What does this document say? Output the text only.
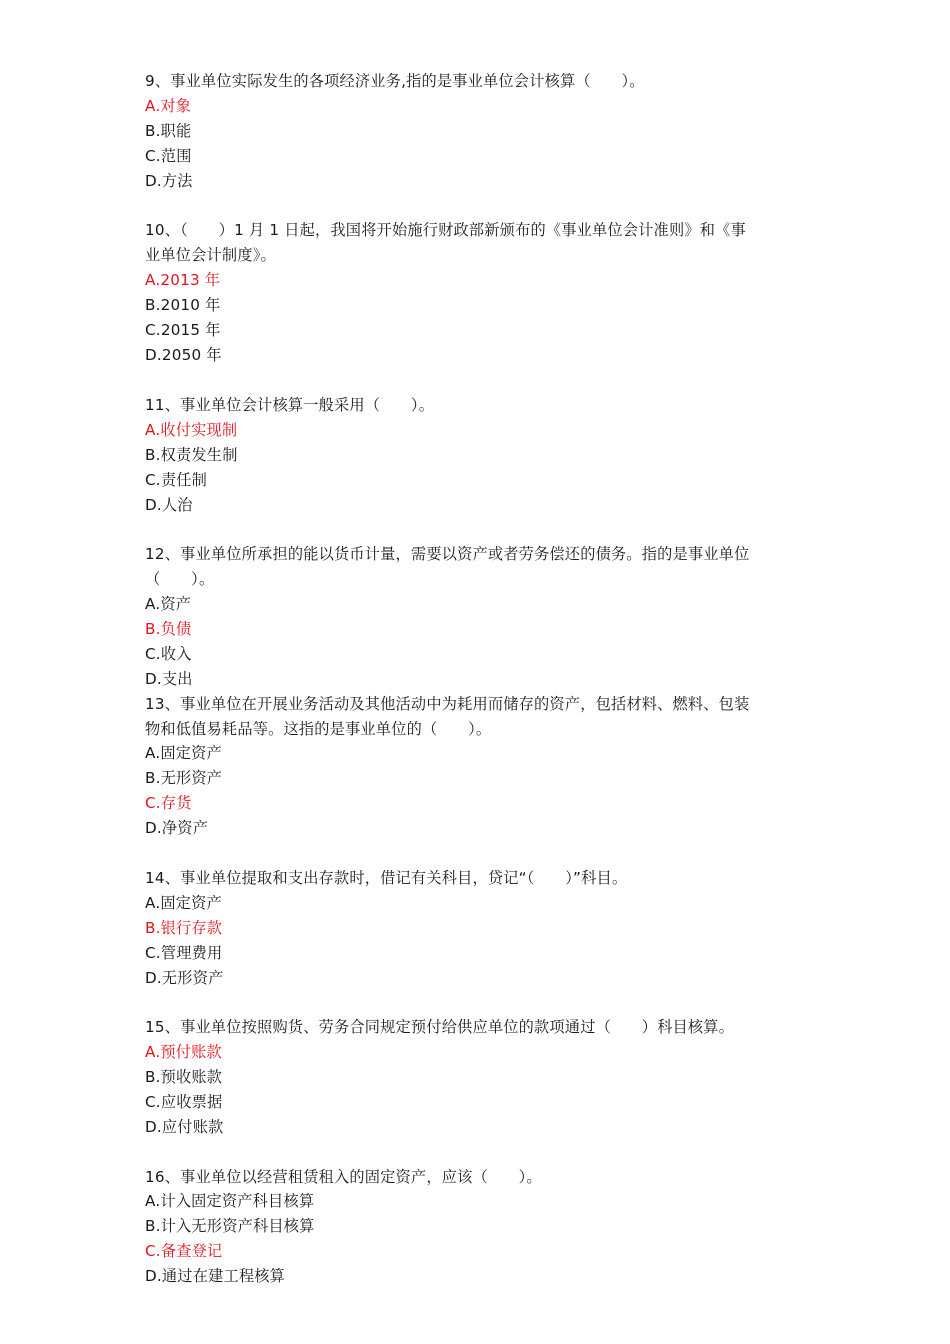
9、事业单位实际发生的各项经济业务,指的是事业单位会计核算（　　）。
A.对象
B.职能
C.范围
D.方法
10、（　　）1 月 1 日起，我国将开始施行财政部新颁布的《事业单位会计准则》和《事
业单位会计制度》。
A.2013 年
B.2010 年
C.2015 年
D.2050 年
11、事业单位会计核算一般采用（　　）。
A.收付实现制
B.权责发生制
C.责任制
D.人治
12、事业单位所承担的能以货币计量，需要以资产或者劳务偿还的债务。指的是事业单位
（　　）。
A.资产
B.负债
C.收入
D.支出
13、事业单位在开展业务活动及其他活动中为耗用而储存的资产，包括材料、燃料、包装
物和低值易耗品等。这指的是事业单位的（　　）。
A.固定资产
B.无形资产
C.存货
D.净资产
14、事业单位提取和支出存款时，借记有关科目，贷记“（　　）”科目。
A.固定资产
B.银行存款
C.管理费用
D.无形资产
15、事业单位按照购货、劳务合同规定预付给供应单位的款项通过（　　）科目核算。
A.预付账款
B.预收账款
C.应收票据
D.应付账款
16、事业单位以经营租赁租入的固定资产，应该（　　）。
A.计入固定资产科目核算
B.计入无形资产科目核算
C.备查登记
D.通过在建工程核算
